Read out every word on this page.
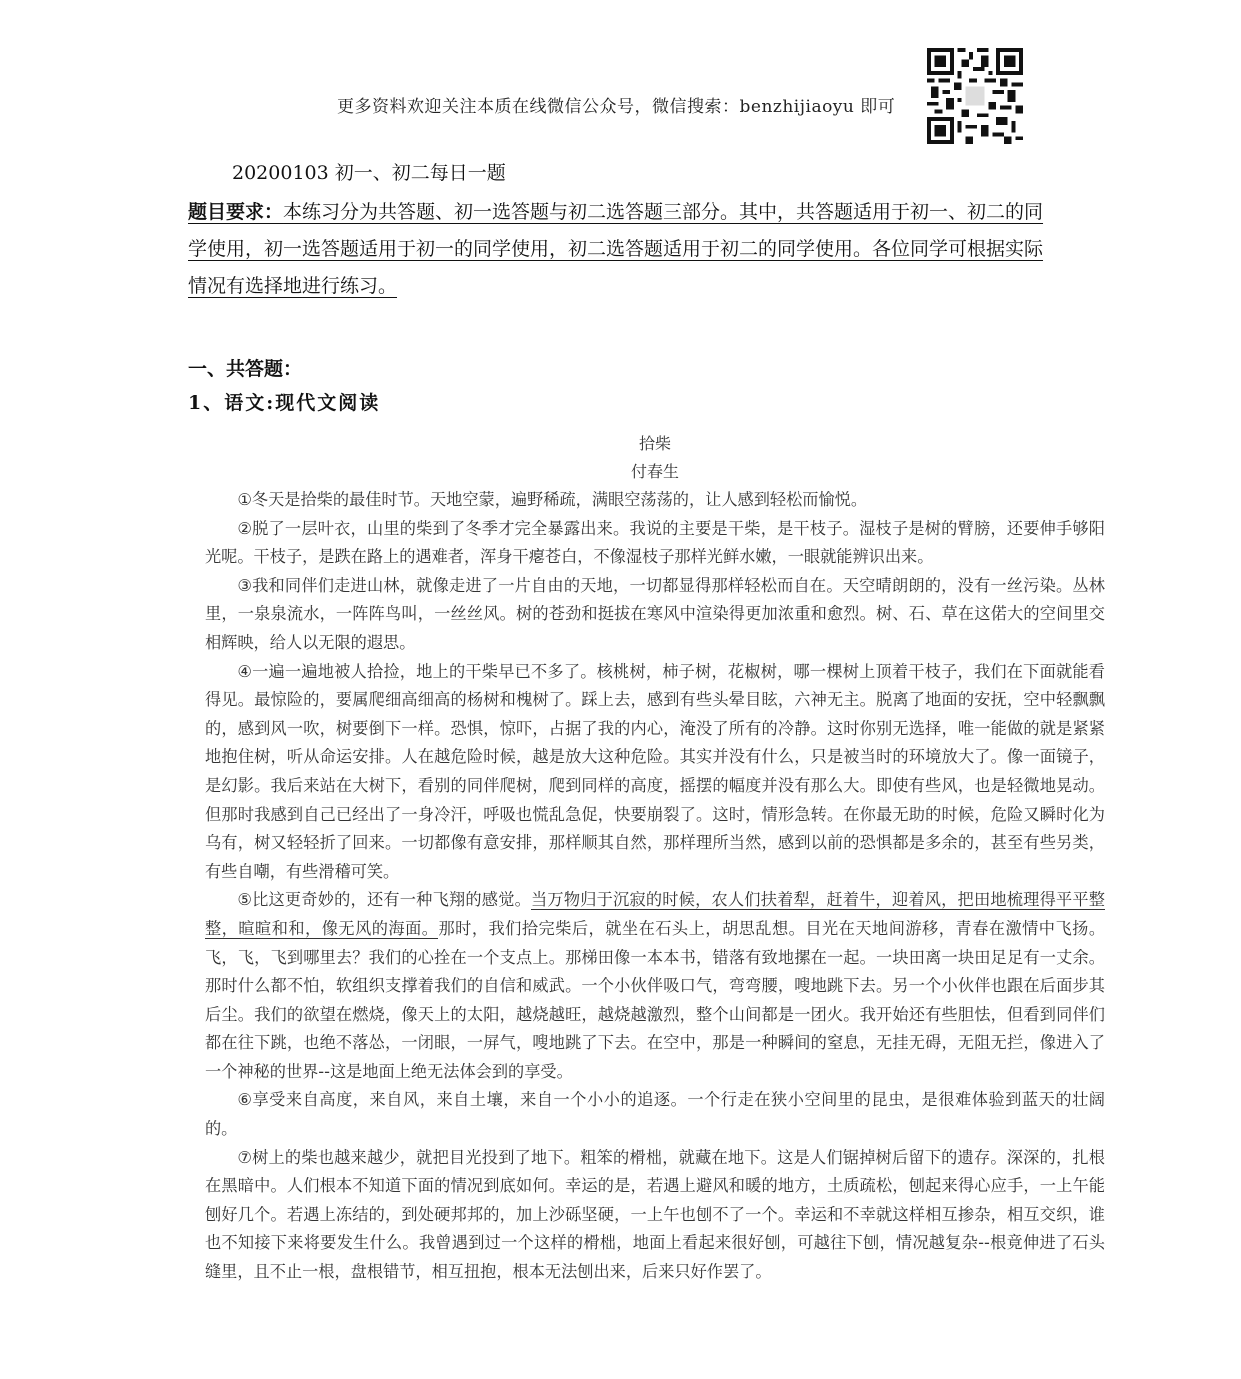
更多资料欢迎关注本质在线微信公众号，微信搜索：benzhijiaoyu 即可
20200103 初一、初二每日一题
题目要求：本练习分为共答题、初一选答题与初二选答题三部分。其中，共答题适用于初一、初二的同学使用，初一选答题适用于初一的同学使用，初二选答题适用于初二的同学使用。各位同学可根据实际情况有选择地进行练习。
一、共答题：
1、语文:现代文阅读
拾柴
付春生

①冬天是拾柴的最佳时节。天地空蒙，遍野稀疏，满眼空荡荡的，让人感到轻松而愉悦。

②脱了一层叶衣，山里的柴到了冬季才完全暴露出来。我说的主要是干柴，是干枝子。湿枝子是树的臂膀，还要伸手够阳光呢。干枝子，是跌在路上的遇难者，浑身干瘪苍白，不像湿枝子那样光鲜水嫩，一眼就能辨识出来。

③我和同伴们走进山林，就像走进了一片自由的天地，一切都显得那样轻松而自在。天空晴朗朗的，没有一丝污染。丛林里，一泉泉流水，一阵阵鸟叫，一丝丝风。树的苍劲和挺拔在寒风中渲染得更加浓重和愈烈。树、石、草在这偌大的空间里交相辉映，给人以无限的遐思。

④一遍一遍地被人拾捡，地上的干柴早已不多了。核桃树，柿子树，花椒树，哪一棵树上顶着干枝子，我们在下面就能看得见。最惊险的，要属爬细高细高的杨树和槐树了。踩上去，感到有些头晕目眩，六神无主。脱离了地面的安抚，空中轻飘飘的，感到风一吹，树要倒下一样。恐惧，惊吓，占据了我的内心，淹没了所有的冷静。这时你别无选择，唯一能做的就是紧紧地抱住树，听从命运安排。人在越危险时候，越是放大这种危险。其实并没有什么，只是被当时的环境放大了。像一面镜子，是幻影。我后来站在大树下，看别的同伴爬树，爬到同样的高度，摇摆的幅度并没有那么大。即使有些风，也是轻微地晃动。但那时我感到自己已经出了一身冷汗，呼吸也慌乱急促，快要崩裂了。这时，情形急转。在你最无助的时候，危险又瞬时化为乌有，树又轻轻折了回来。一切都像有意安排，那样顺其自然，那样理所当然，感到以前的恐惧都是多余的，甚至有些另类，有些自嘲，有些滑稽可笑。

⑤比这更奇妙的，还有一种飞翔的感觉。当万物归于沉寂的时候，农人们扶着犁，赶着牛，迎着风，把田地梳理得平平整整，暄暄和和，像无风的海面。那时，我们拾完柴后，就坐在石头上，胡思乱想。目光在天地间游移，青春在激情中飞扬。飞，飞，飞到哪里去？我们的心拴在一个支点上。那梯田像一本本书，错落有致地摞在一起。一块田离一块田足足有一丈余。那时什么都不怕，软组织支撑着我们的自信和威武。一个小伙伴吸口气，弯弯腰，嗖地跳下去。另一个小伙伴也跟在后面步其后尘。我们的欲望在燃烧，像天上的太阳，越烧越旺，越烧越激烈，整个山间都是一团火。我开始还有些胆怯，但看到同伴们都在往下跳，也绝不落怂，一闭眼，一屏气，嗖地跳了下去。在空中，那是一种瞬间的窒息，无挂无碍，无阻无拦，像进入了一个神秘的世界--这是地面上绝无法体会到的享受。

⑥享受来自高度，来自风，来自土壤，来自一个小小的追逐。一个行走在狭小空间里的昆虫，是很难体验到蓝天的壮阔的。

⑦树上的柴也越来越少，就把目光投到了地下。粗笨的榾柮，就藏在地下。这是人们锯掉树后留下的遗存。深深的，扎根在黑暗中。人们根本不知道下面的情况到底如何。幸运的是，若遇上避风和暖的地方，土质疏松，刨起来得心应手，一上午能刨好几个。若遇上冻结的，到处硬邦邦的，加上沙砾坚硬，一上午也刨不了一个。幸运和不幸就这样相互掺杂，相互交织，谁也不知接下来将要发生什么。我曾遇到过一个这样的榾柮，地面上看起来很好刨，可越往下刨，情况越复杂--根竟伸进了石头缝里，且不止一根，盘根错节，相互扭抱，根本无法刨出来，后来只好作罢了。
